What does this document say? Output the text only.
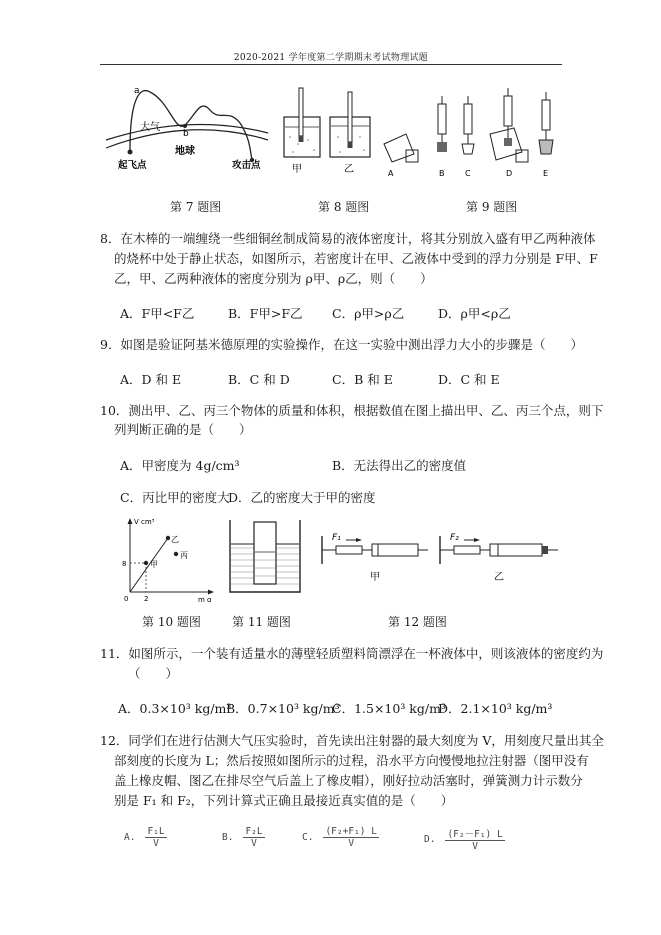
2020-2021 学年度第二学期期末考试物理试题
a
b
大气
地球
起飞点	攻击点	甲	乙	A	B	C	D	E
第 7 题图	第 8 题图	第 9 题图
8．在木棒的一端缠绕一些细铜丝制成简易的液体密度计，将其分别放入盛有甲乙两种液体
的烧杯中处于静止状态，如图所示，若密度计在甲、乙液体中受到的浮力分别是 F甲、F
乙，甲、乙两种液体的密度分别为 ρ甲、ρ乙，则（　　）
A．F甲<F乙	B．F甲>F乙 C．ρ甲>ρ乙	D．ρ甲<ρ乙
9．如图是验证阿基米德原理的实验操作，在这一实验中测出浮力大小的步骤是（　　）
A．D 和 E	B．C 和 D	C．B 和 E	D．C 和 E
10．测出甲、乙、丙三个物体的质量和体积，根据数值在图上描出甲、乙、丙三个点，则下
列判断正确的是（　　）
A．甲密度为 4g/cm³	B．无法得出乙的密度值
C．丙比甲的密度大
D．乙的密度大于甲的密度
V cm³
m g
8
2
0
甲
乙
丙
F₁
甲
F₂
乙
第 10 题图	第 11 题图	第 12 题图
11．如图所示，一个装有适量水的薄壁轻质塑料筒漂浮在一杯液体中，则该液体的密度约为
（　　）
A．0.3×10³ kg/m³
B．0.7×10³ kg/m³
C．1.5×10³ kg/m³
D．2.1×10³ kg/m³
12．同学们在进行估测大气压实验时，首先读出注射器的最大刻度为 V，用刻度尺量出其全
部刻度的长度为 L；然后按照如图所示的过程，沿水平方向慢慢地拉注射器（图甲没有
盖上橡皮帽、图乙在排尽空气后盖上了橡皮帽），刚好拉动活塞时，弹簧测力计示数分
别是 F₁ 和 F₂，下列计算式正确且最接近真实值的是（　　）
A. $\frac{\text{F₁L}}{V}$	B. $\frac{\text{F₂L}}{V}$	C. $\frac{\text{(F₂+F₁) L}}{V}$	D. $\frac{\text{(F₂－F₁) L}}{V}$
